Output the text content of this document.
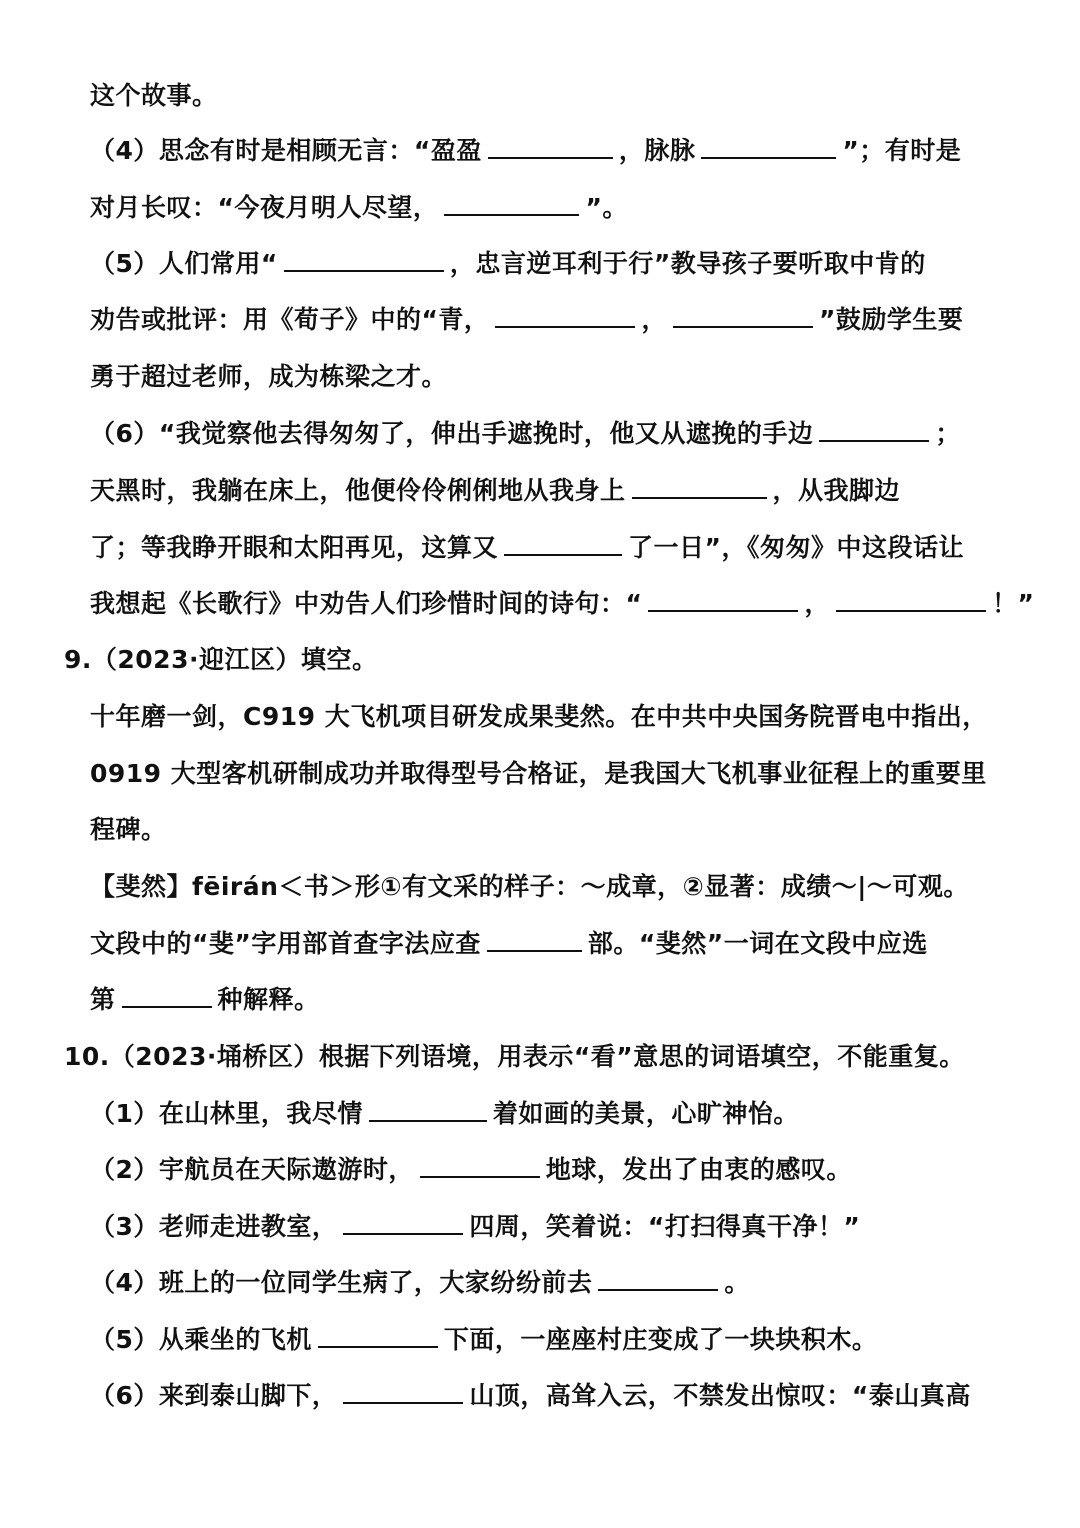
这个故事。
（4）思念有时是相顾无言：“盈盈	，脉脉	”；有时是
对月长叹：“今夜月明人尽望，	”。
（5）人们常用“	，忠言逆耳利于行”教导孩子要听取中肯的
劝告或批评：用《荀子》中的“青，	，	”鼓励学生要
勇于超过老师，成为栋梁之才。
（6）“我觉察他去得匆匆了，伸出手遮挽时，他又从遮挽的手边	；
天黑时，我躺在床上，他便伶伶俐俐地从我身上	，从我脚边
了；等我睁开眼和太阳再见，这算又	了一日”，《匆匆》中这段话让
我想起《长歌行》中劝告人们珍惜时间的诗句：“	，	！”
9.（2023·迎江区）填空。
十年磨一剑，C919 大飞机项目研发成果斐然。在中共中央国务院晋电中指出，
0919 大型客机研制成功并取得型号合格证，是我国大飞机事业征程上的重要里
程碑。
【斐然】fēirán＜书＞形①有文采的样子：～成章，②显著：成绩～|～可观。
文段中的“斐”字用部首查字法应查	部。“斐然”一词在文段中应选
第	种解释。
10.（2023·埇桥区）根据下列语境，用表示“看”意思的词语填空，不能重复。
（1）在山林里，我尽情	着如画的美景，心旷神怡。
（2）宇航员在天际遨游时，	地球，发出了由衷的感叹。
（3）老师走进教室，	四周，笑着说：“打扫得真干净！”
（4）班上的一位同学生病了，大家纷纷前去	。
（5）从乘坐的飞机	下面，一座座村庄变成了一块块积木。
（6）来到泰山脚下，	山顶，高耸入云，不禁发出惊叹：“泰山真高
